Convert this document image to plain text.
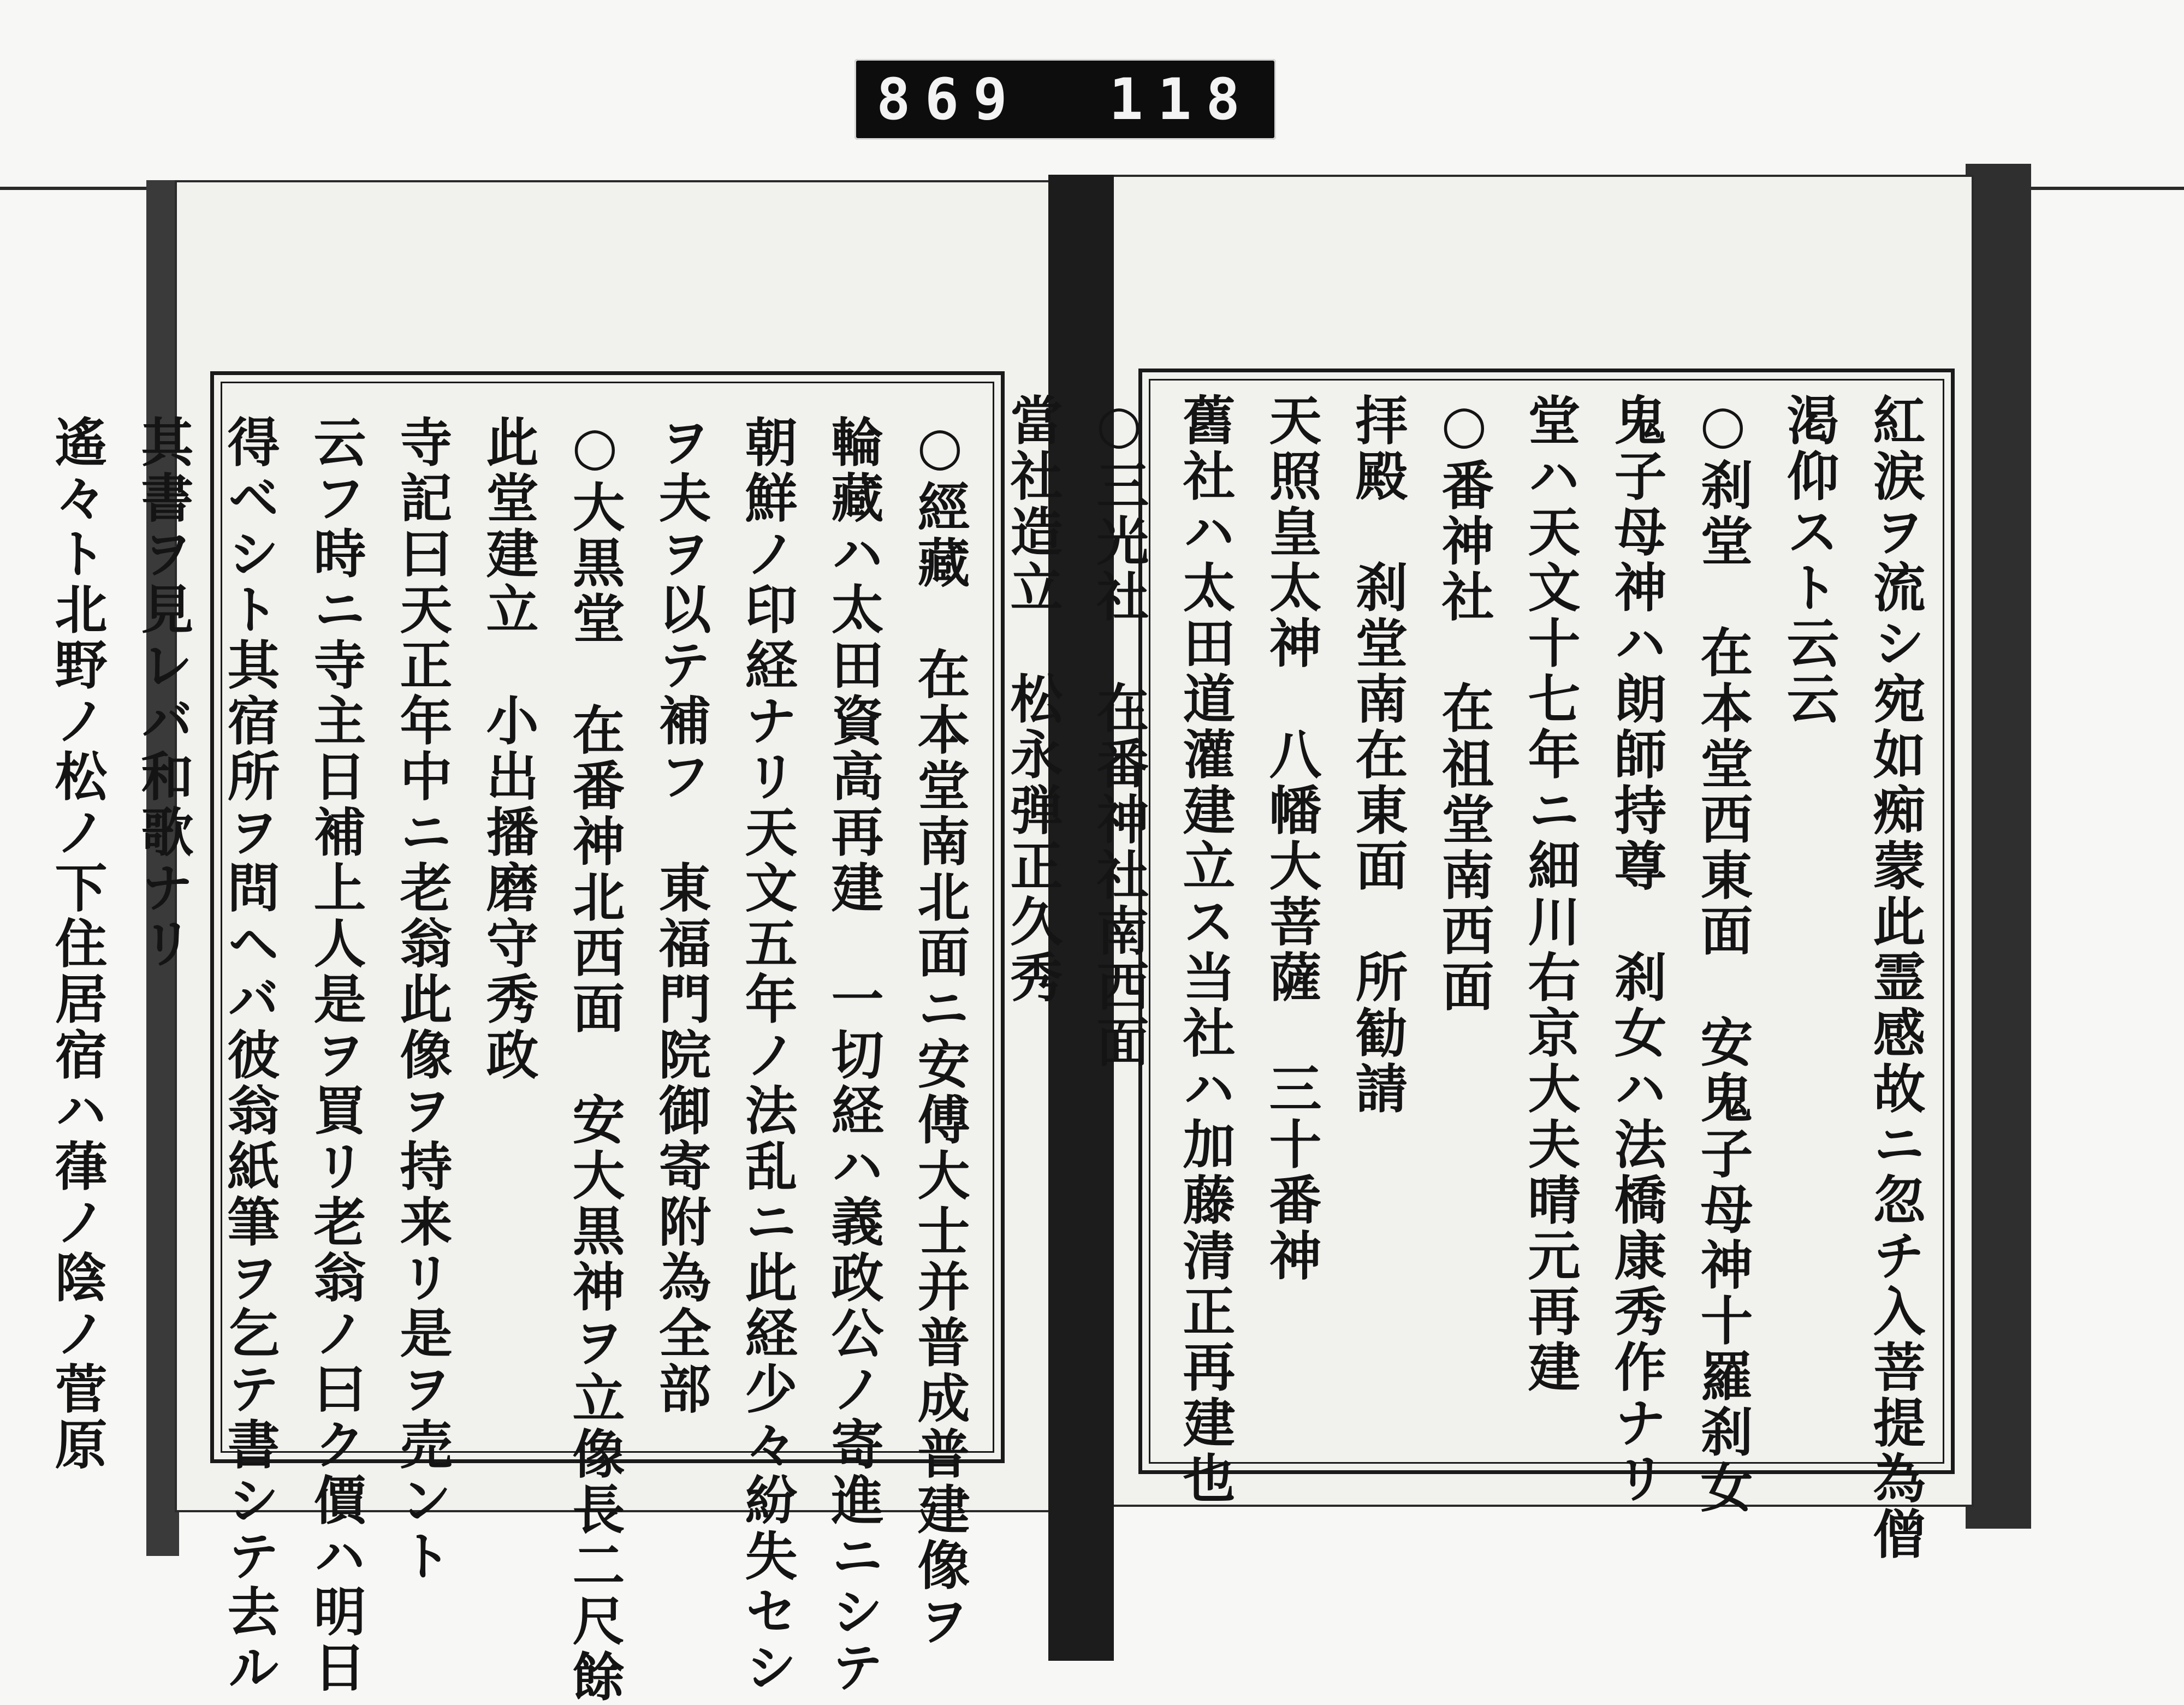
869 118

紅涙ヲ流シ宛如痴蒙此霊感故ニ忽チ入菩提為僧

渇仰スト云云

○刹堂　在本堂西東面　安鬼子母神十羅刹女

鬼子母神ハ朗師持尊　刹女ハ法橋康秀作ナリ

堂ハ天文十七年ニ細川右京大夫晴元再建

○番神社　在祖堂南西面

拝殿　刹堂南在東面　所勧請

天照皇太神　八幡大菩薩　三十番神

舊社ハ太田道灌建立ス当社ハ加藤清正再建也

○三光社　在番神社南西面

當社造立　松永弾正久秀

○經藏　在本堂南北面ニ安傅大士并普成普建像ヲ

輪藏ハ太田資高再建　一切経ハ義政公ノ寄進ニシテ

朝鮮ノ印経ナリ天文五年ノ法乱ニ此経少々紛失セシ

ヲ夫ヲ以テ補フ　東福門院御寄附為全部

○大黒堂　在番神北西面　安大黒神ヲ立像長二尺餘

此堂建立　小出播磨守秀政

寺記曰天正年中ニ老翁此像ヲ持来リ是ヲ売ント

云フ時ニ寺主日補上人是ヲ買リ老翁ノ曰ク價ハ明日

得ベシト其宿所ヲ問ヘバ彼翁紙筆ヲ乞テ書シテ去ル

其書ヲ見レバ和歌ナリ

遙々ト北野ノ松ノ下住居宿ハ葎ノ陰ノ菅原
